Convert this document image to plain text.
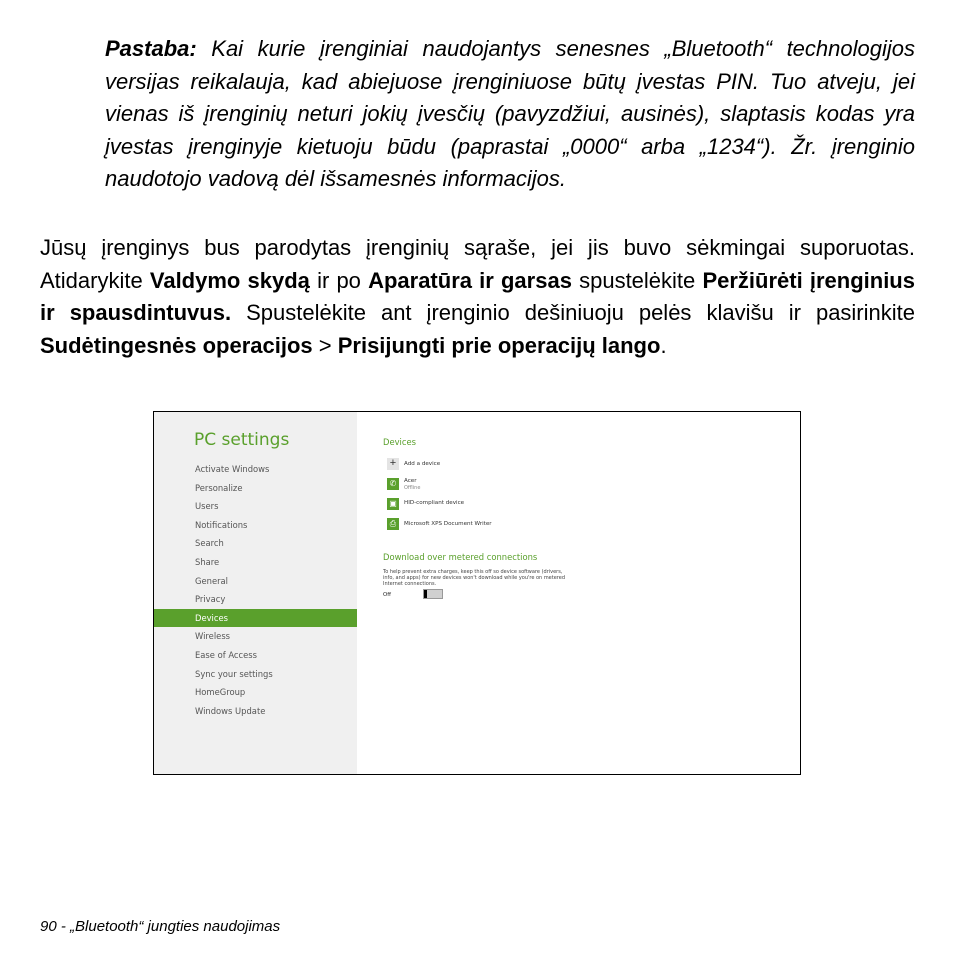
Pastaba: Kai kurie įrenginiai naudojantys senesnes „Bluetooth“ technologijos versijas reikalauja, kad abiejuose įrenginiuose būtų įvestas PIN. Tuo atveju, jei vienas iš įrenginių neturi jokių įvesčių (pavyzdžiui, ausinės), slaptasis kodas yra įvestas įrenginyje kietuoju būdu (paprastai „0000“ arba „1234“). Žr. įrenginio naudotojo vadovą dėl išsamesnės informacijos.
Jūsų įrenginys bus parodytas įrenginių sąraše, jei jis buvo sėkmingai suporuotas. Atidarykite Valdymo skydą ir po Aparatūra ir garsas spustelėkite Peržiūrėti įrenginius ir spausdintuvus. Spustelėkite ant įrenginio dešiniuoju pelės klavišu ir pasirinkite Sudėtingesnės operacijos > Prisijungti prie operacijų lango.
PC settings
Activate Windows
Personalize
Users
Notifications
Search
Share
General
Privacy
Devices
Wireless
Ease of Access
Sync your settings
HomeGroup
Windows Update
Devices
+	Add a device
✆	Acer
Offline
▣	HID-compliant device
⎙	Microsoft XPS Document Writer
Download over metered connections
To help prevent extra charges, keep this off so device software (drivers, info, and apps) for new devices won't download while you're on metered Internet connections.
Off
90 - „Bluetooth“ jungties naudojimas
